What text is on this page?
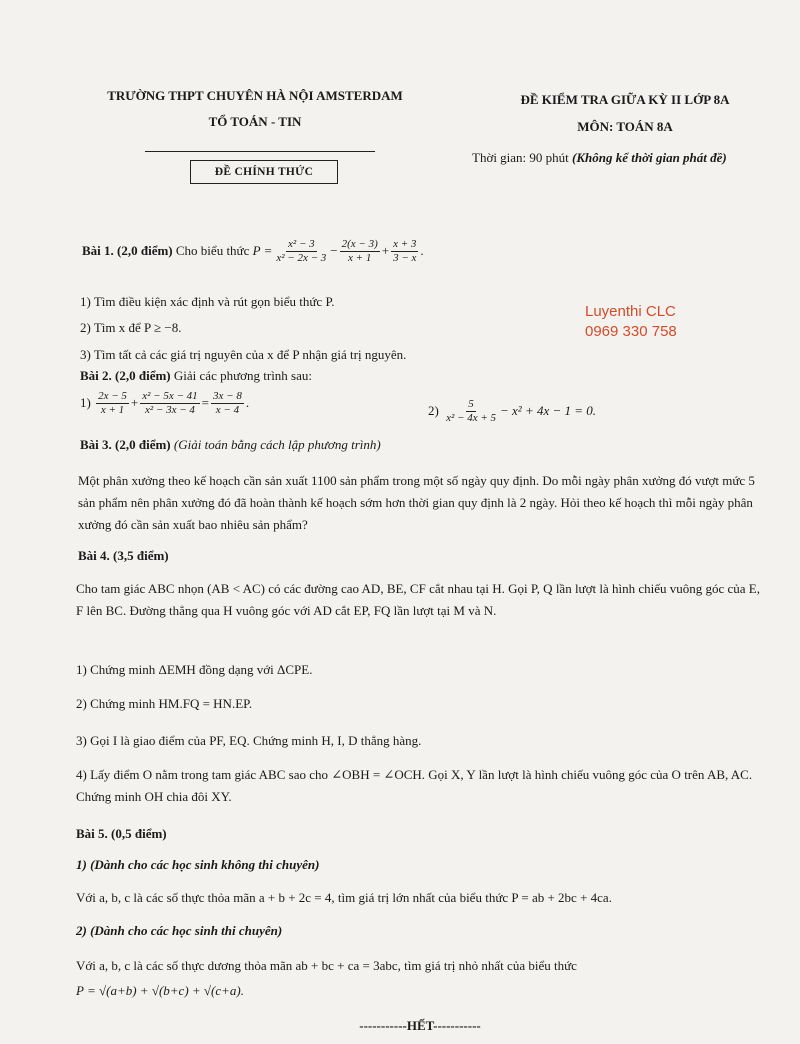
TRƯỜNG THPT CHUYÊN HÀ NỘI AMSTERDAM
TỔ TOÁN - TIN
ĐỀ CHÍNH THỨC
ĐỀ KIỂM TRA GIỮA KỲ II LỚP 8A
MÔN: TOÁN 8A
Thời gian: 90 phút (Không kể thời gian phát đề)
Luyenthi CLC
0969 330 758
Bài 1. (2,0 điểm)
Cho biểu thức
$P = \frac{\text{x² − 3}}{\text{x² − 2x − 3}} - \frac{2(x - 3)}{x + 1} + \frac{x + 3}{3 - x}$ .
1) Tìm điều kiện xác định và rút gọn biểu thức P.
2) Tìm x để P ≥ −8.
3) Tìm tất cả các giá trị nguyên của x để P nhận giá trị nguyên.
Bài 2. (2,0 điểm) Giải các phương trình sau:
1)
$\frac{2x - 5}{x + 1} + \frac{\text{x² − 5x − 41}}{\text{x² − 3x − 4}} = \frac{3x - 8}{x - 4}$ .
2)
$\frac{5}{\text{x² − 4x + 5}} - x^2 + 4x - 1 = 0$.
Bài 3. (2,0 điểm) (Giải toán bằng cách lập phương trình)
Một phân xưởng theo kế hoạch cần sản xuất 1100 sản phẩm trong một số ngày quy định. Do mỗi ngày phân xưởng đó vượt mức 5 sản phẩm nên phân xưởng đó đã hoàn thành kế hoạch sớm hơn thời gian quy định là 2 ngày. Hỏi theo kế hoạch thì mỗi ngày phân xưởng đó cần sản xuất bao nhiêu sản phẩm?
Bài 4. (3,5 điểm)
Cho tam giác ABC nhọn (AB < AC) có các đường cao AD, BE, CF cắt nhau tại H. Gọi P, Q lần lượt là hình chiếu vuông góc của E, F lên BC. Đường thẳng qua H vuông góc với AD cắt EP, FQ lần lượt tại M và N.
1) Chứng minh ΔEMH đồng dạng với ΔCPE.
2) Chứng minh HM.FQ = HN.EP.
3) Gọi I là giao điểm của PF, EQ. Chứng minh H, I, D thẳng hàng.
4) Lấy điểm O nằm trong tam giác ABC sao cho ∠OBH = ∠OCH. Gọi X, Y lần lượt là hình chiếu vuông góc của O trên AB, AC. Chứng minh OH chia đôi XY.
Bài 5. (0,5 điểm)
1) (Dành cho các học sinh không thi chuyên)
Với a, b, c là các số thực thỏa mãn a + b + 2c = 4, tìm giá trị lớn nhất của biểu thức P = ab + 2bc + 4ca.
2) (Dành cho các học sinh thi chuyên)
Với a, b, c là các số thực dương thỏa mãn ab + bc + ca = 3abc, tìm giá trị nhỏ nhất của biểu thức
P = √(a+b) + √(b+c) + √(c+a).
-----------HẾT-----------
